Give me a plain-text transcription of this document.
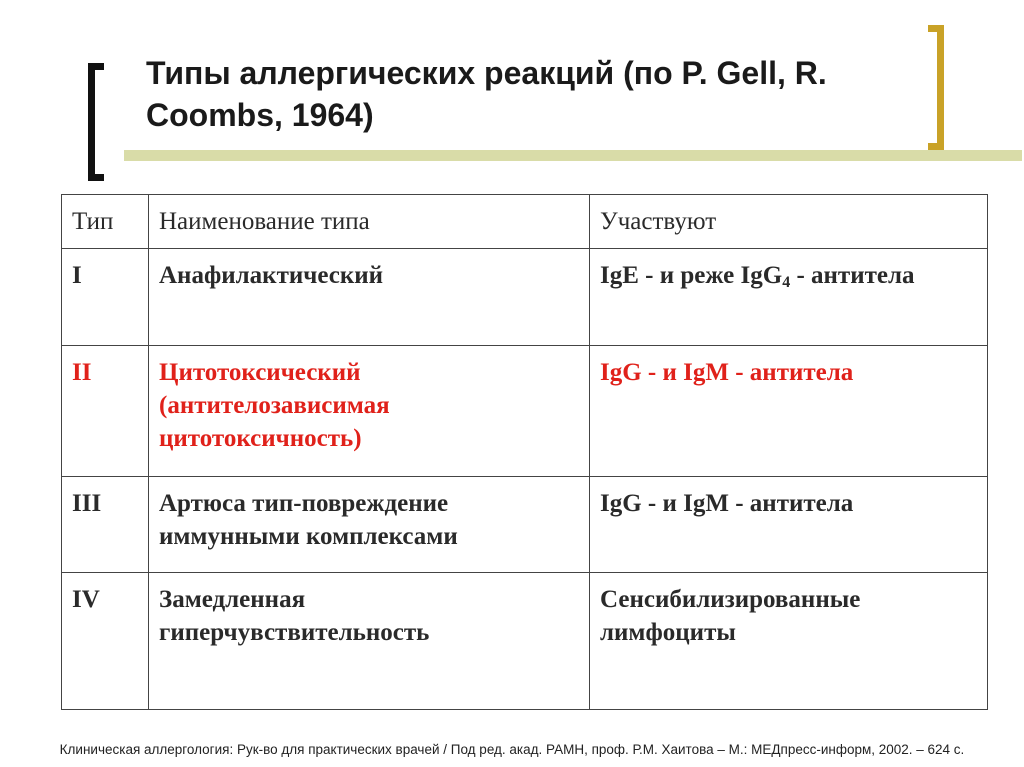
Типы аллергических реакций (по P. Gell, R. Coombs, 1964)
Тип	Наименование типа	Участвуют
I	Анафилактический	IgE - и реже IgG$_4$ - антитела
II	Цитотоксический (антителозависимая цитотоксичность)	IgG - и IgM - антитела
III	Артюса тип-повреждение иммунными комплексами	IgG - и IgM - антитела
IV	Замедленная гиперчувствительность	Сенсибилизированные лимфоциты
Клиническая аллергология: Рук-во для практических врачей / Под ред. акад. РАМН, проф. Р.М. Хаитова – М.: МЕДпресс-информ, 2002. – 624 с.
